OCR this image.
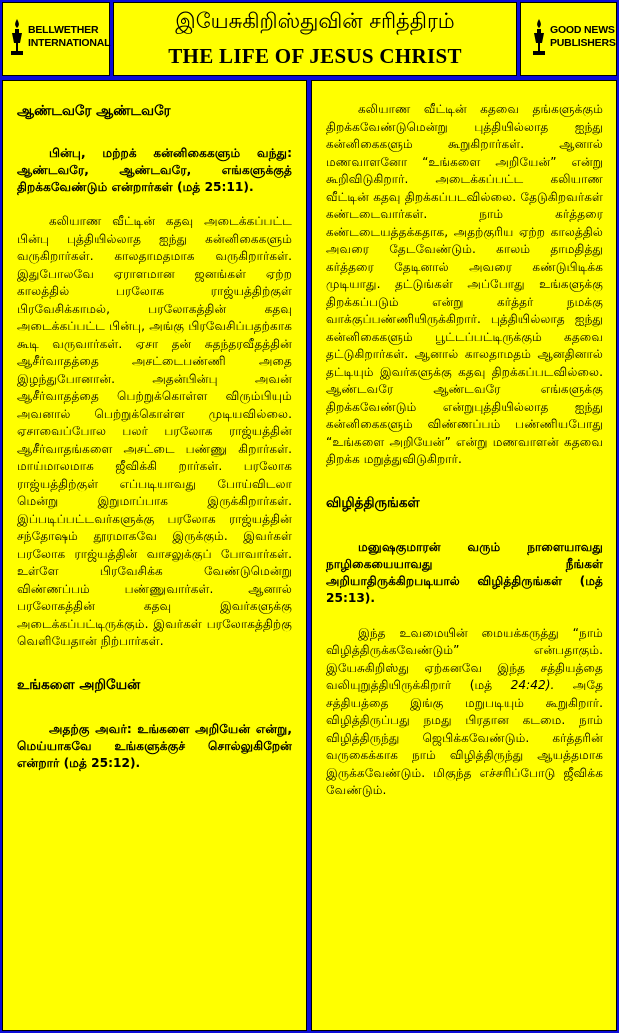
BELLWETHER
INTERNATIONAL
இயேசுகிறிஸ்துவின் சரித்திரம்
THE LIFE OF JESUS CHRIST
GOOD NEWS
PUBLISHERS
ஆண்டவரே ஆண்டவரே

பின்பு, மற்றக் கன்னிகைகளும் வந்து: ஆண்டவரே, ஆண்டவரே, எங்களுக்குத் திறக்கவேண்டும் என்றார்கள் (மத் 25:11).

கலியாண வீட்டின் கதவு அடைக்கப்பட்ட பின்பு புத்தியில்லாத ஐந்து கன்னிகைகளும் வருகிறார்கள். காலதாமதமாக வருகிறார்கள். இதுபோலவே ஏராளமான ஜனங்கள் ஏற்ற காலத்தில் பரலோக ராஜ்யத்திற்குள் பிரவேசிக்காமல், பரலோகத்தின் கதவு அடைக்கப்பட்ட பின்பு, அங்கு பிரவேசிப்பதற்காக கூடி வருவார்கள். ஏசா தன் சுதந்தரவீதத்தின் ஆசீர்வாதத்தை அசட்டைபண்ணி அதை இழந்துபோனான். அதன்பின்பு அவன் ஆசீர்வாதத்தை பெற்றுக்கொள்ள விரும்பியும் அவனால் பெற்றுக்கொள்ள முடியவில்லை. ஏசாவைப்போல பலர் பரலோக ராஜ்யத்தின் ஆசீர்வாதங்களை அசட்டை பண்ணு கிறார்கள். மாய்மாலமாக ஜீவிக்கி றார்கள். பரலோக ராஜ்யத்திற்குள் எப்படியாவது போய்விடலா மென்று இறுமாப்பாக இருக்கிறார்கள். இப்படிப்பட்டவர்களுக்கு பரலோக ராஜ்யத்தின் சந்தோஷம் தூரமாகவே இருக்கும். இவர்கள் பரலோக ராஜ்யத்தின் வாசலுக்குப் போவார்கள். உள்ளே பிரவேசிக்க வேண்டுமென்று விண்ணப்பம் பண்ணுவார்கள். ஆனால் பரலோகத்தின் கதவு இவர்களுக்கு அடைக்கப்பட்டிருக்கும். இவர்கள் பரலோகத்திற்கு வெளியேதான் நிற்பார்கள்.

உங்களை அறியேன்

அதற்கு அவர்: உங்களை அறியேன் என்று, மெய்யாகவே உங்களுக்குச் சொல்லுகிறேன் என்றார் (மத் 25:12).

கலியாண வீட்டின் கதவை தங்களுக்கும் திறக்கவேண்டுமென்று புத்தியில்லாத ஐந்து கன்னிகைகளும் கூறுகிறார்கள். ஆனால் மணவாளனோ “உங்களை அறியேன்” என்று கூறிவிடுகிறார். அடைக்கப்பட்ட கலியாண வீட்டின் கதவு திறக்கப்படவில்லை. தேடுகிறவர்கள் கண்டடைவார்கள். நாம் கர்த்தரை கண்டடையத்தக்கதாக, அதற்குரிய ஏற்ற காலத்தில் அவரை தேடவேண்டும். காலம் தாமதித்து கர்த்தரை தேடினால் அவரை கண்டுபிடிக்க முடியாது. தட்டுங்கள் அப்போது உங்களுக்கு திறக்கப்படும் என்று கர்த்தர் நமக்கு வாக்குப்பண்ணியிருக்கிறார். புத்தியில்லாத ஐந்து கன்னிகைகளும் பூட்டப்பட்டிருக்கும் கதவை தட்டுகிறார்கள். ஆனால் காலதாமதம் ஆனதினால் தட்டியும் இவர்களுக்கு கதவு திறக்கப்படவில்லை. ஆண்டவரே ஆண்டவரே எங்களுக்கு திறக்கவேண்டும் என்றுபுத்தியில்லாத ஐந்து கன்னிகைகளும் விண்ணப்பம் பண்ணியபோது “உங்களை அறியேன்” என்று மணவாளன் கதவை திறக்க மறுத்துவிடுகிறார்.

விழித்திருங்கள்

மனுஷகுமாரன் வரும் நாளையாவது நாழிகையையாவது நீங்கள் அறியாதிருக்கிறபடியால் விழித்திருங்கள் (மத் 25:13).

இந்த உவமையின் மையக்கருத்து “நாம் விழித்திருக்கவேண்டும்” என்பதாகும். இயேசுகிறிஸ்து ஏற்கனவே இந்த சத்தியத்தை வலியுறுத்தியிருக்கிறார் (மத் 24:42). அதே சத்தியத்தை இங்கு மறுபடியும் கூறுகிறார். விழித்திருப்பது நமது பிரதான கடமை. நாம் விழித்திருந்து ஜெபிக்கவேண்டும். கர்த்தரின் வருகைக்காக நாம் விழித்திருந்து ஆயத்தமாக இருக்கவேண்டும். மிகுந்த எச்சரிப்போடு ஜீவிக்க வேண்டும்.
